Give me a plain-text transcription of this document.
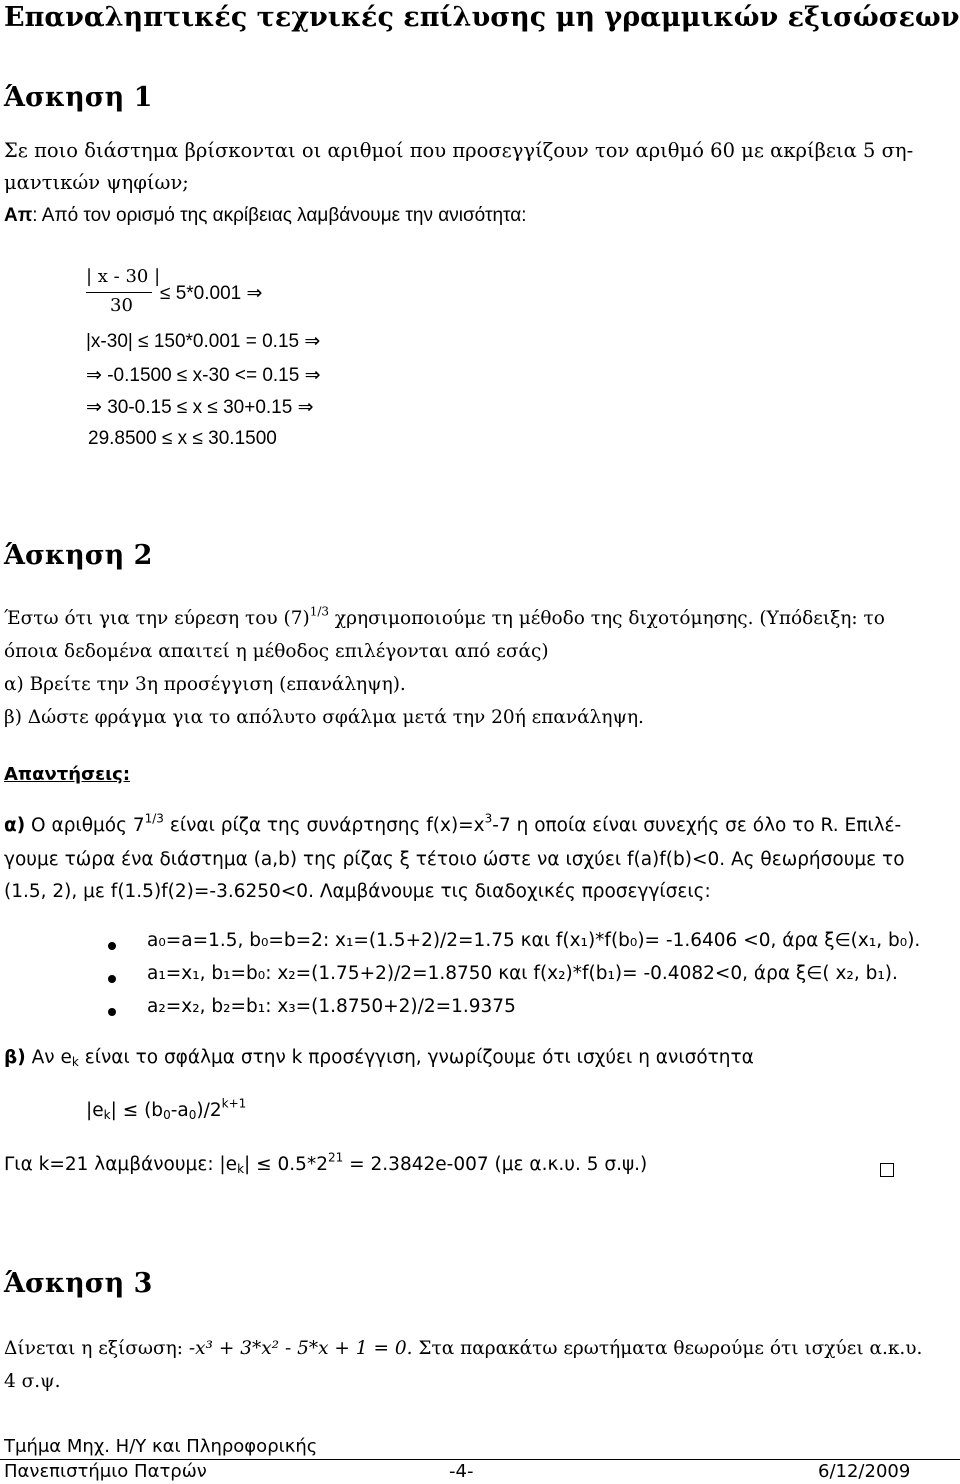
Επαναληπτικές τεχνικές επίλυσης μη γραμμικών εξισώσεων
Άσκηση 1
Σε ποιο διάστημα βρίσκονται οι αριθμοί που προσεγγίζουν τον αριθμό 60 με ακρίβεια 5 ση-
μαντικών ψηφίων;
Απ: Από τον ορισμό της ακρίβειας λαμβάνουμε την ανισότητα:
| x - 30 |
30
≤ 5*0.001 ⇒
|x-30| ≤ 150*0.001 = 0.15 ⇒
⇒ -0.1500 ≤ x-30 <= 0.15 ⇒
⇒ 30-0.15 ≤ x ≤ 30+0.15 ⇒
29.8500 ≤ x ≤ 30.1500
Άσκηση 2
Έστω ότι για την εύρεση του $(7)^{1/3}$ χρησιμοποιούμε τη μέθοδο της διχοτόμησης. (Υπόδειξη: το
όποια δεδομένα απαιτεί η μέθοδος επιλέγονται από εσάς)
α) Βρείτε την 3η προσέγγιση (επανάληψη).
β) Δώστε φράγμα για το απόλυτο σφάλμα μετά την 20ή επανάληψη.
Απαντήσεις:
α) Ο αριθμός $7^{1/3}$ είναι ρίζα της συνάρτησης $f(x)=x^3-7$ η οποία είναι συνεχής σε όλο το R. Επιλέ-
γουμε τώρα ένα διάστημα (a,b) της ρίζας ξ τέτοιο ώστε να ισχύει f(a)f(b)<0. Ας θεωρήσουμε το
(1.5, 2), με f(1.5)f(2)=-3.6250<0. Λαμβάνουμε τις διαδοχικές προσεγγίσεις:
a₀=a=1.5, b₀=b=2: x₁=(1.5+2)/2=1.75 και f(x₁)*f(b₀)= -1.6406 <0, άρα ξ∈(x₁, b₀).
a₁=x₁, b₁=b₀: x₂=(1.75+2)/2=1.8750 και f(x₂)*f(b₁)= -0.4082<0, άρα ξ∈( x₂, b₁).
a₂=x₂, b₂=b₁: x₃=(1.8750+2)/2=1.9375
β) Αν $e_k$ είναι το σφάλμα στην k προσέγγιση, γνωρίζουμε ότι ισχύει η ανισότητα
$|e_k| \le (b_0-a_0)/2^{k+1}$
Για k=21 λαμβάνουμε: $|e_k| \le 0.5*2^{21} = 2.3842e-007$ (με α.κ.υ. 5 σ.ψ.)
Άσκηση 3
Δίνεται η εξίσωση: -x³ + 3*x² - 5*x + 1 = 0. Στα παρακάτω ερωτήματα θεωρούμε ότι ισχύει α.κ.υ.
4 σ.ψ.
Τμήμα Μηχ. Η/Υ και Πληροφορικής
Πανεπιστήμιο Πατρών	-4-	6/12/2009
